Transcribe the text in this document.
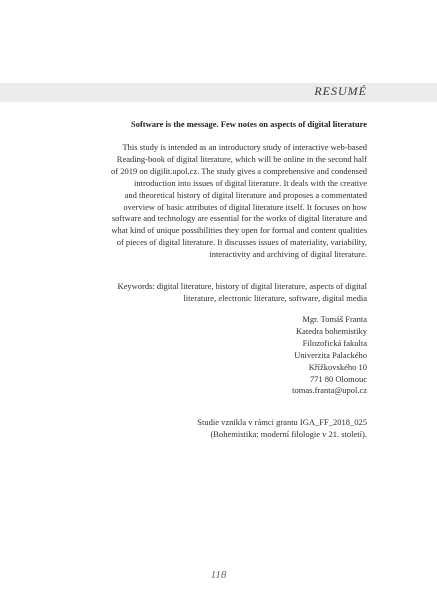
RESUMÉ
Software is the message. Few notes on aspects of digital literature
This study is intended as an introductory study of interactive web-based
Reading-book of digital literature, which will be online in the second half
of 2019 on digilit.upol.cz. The study gives a comprehensive and condensed
introduction into issues of digital literature. It deals with the creative
and theoretical history of digital literature and proposes a commentated
overview of basic attributes of digital literature itself. It focuses on how
software and technology are essential for the works of digital literature and
what kind of unique possibilities they open for formal and content qualities
of pieces of digital literature. It discusses issues of materiality, variability,
interactivity and archiving of digital literature.
Keywords: digital literature, history of digital literature, aspects of digital
literature, electronic literature, software, digital media
Mgr. Tomáš Franta
Katedra bohemistiky
Filozofická fakulta
Univerzita Palackého
Křížkovského 10
771 80 Olomouc
tomas.franta@upol.cz
Studie vznikla v rámci grantu IGA_FF_2018_025
(Bohemistika: moderní filologie v 21. století).
118
